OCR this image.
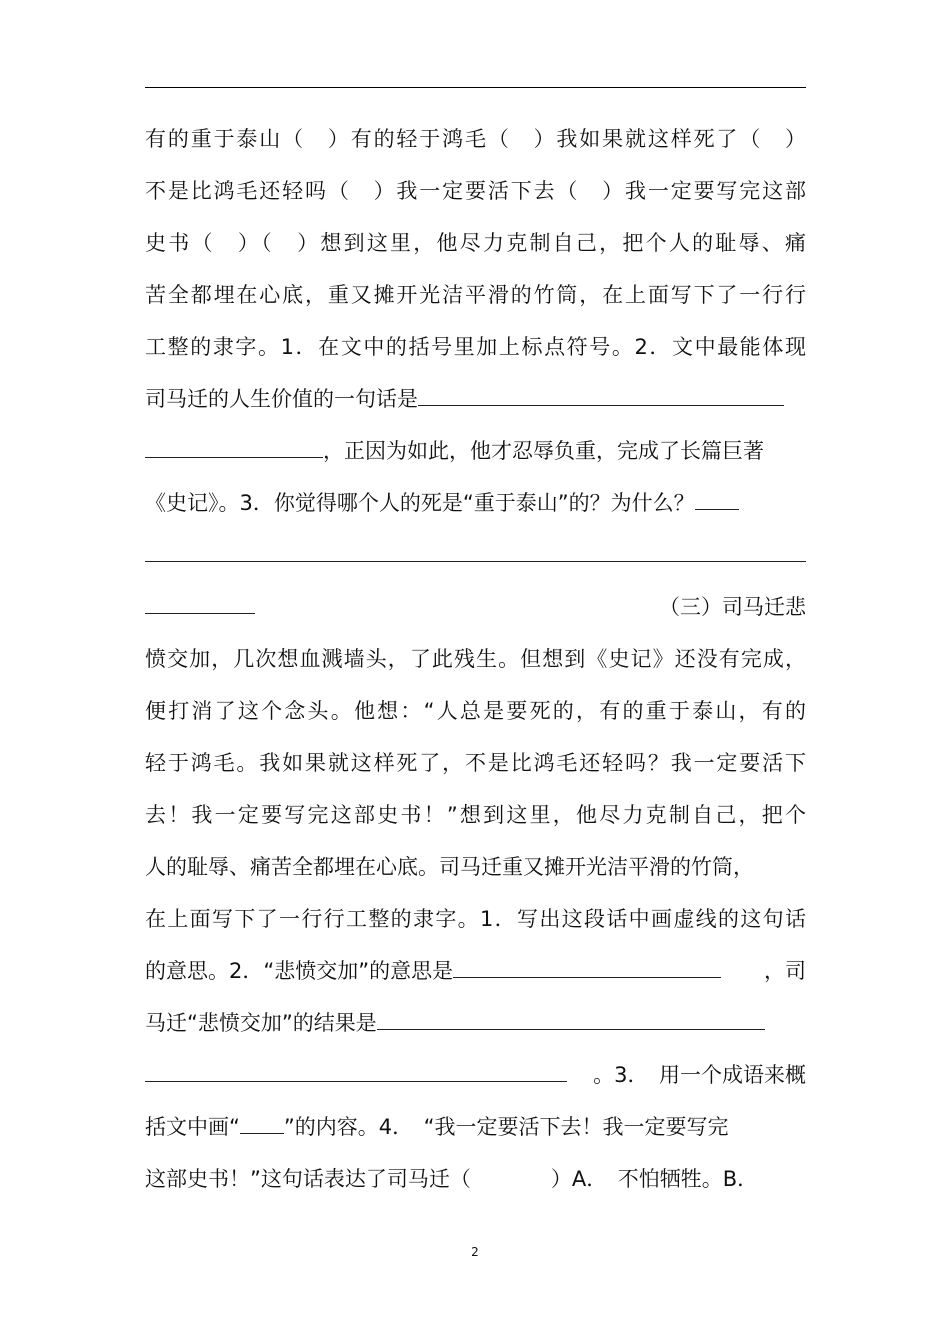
有的重于泰山（　）有的轻于鸿毛（　）我如果就这样死了（　）
不是比鸿毛还轻吗（　）我一定要活下去（　）我一定要写完这部
史书（　）（　）想到这里，他尽力克制自己，把个人的耻辱、痛
苦全都埋在心底，重又摊开光洁平滑的竹筒，在上面写下了一行行
工整的隶字。1．在文中的括号里加上标点符号。2．文中最能体现
司马迁的人生价值的一句话是
，正因为如此，他才忍辱负重，完成了长篇巨著
《史记》。3．你觉得哪个人的死是“重于泰山”的？为什么？
（三）司马迁悲
愤交加，几次想血溅墙头，了此残生。但想到《史记》还没有完成，
便打消了这个念头。他想：“人总是要死的，有的重于泰山，有的
轻于鸿毛。我如果就这样死了，不是比鸿毛还轻吗？我一定要活下
去！我一定要写完这部史书！”想到这里，他尽力克制自己，把个
人的耻辱、痛苦全都埋在心底。司马迁重又摊开光洁平滑的竹筒，
在上面写下了一行行工整的隶字。1．写出这段话中画虚线的这句话
的意思。2．“悲愤交加”的意思是	，司
马迁“悲愤交加”的结果是
。3．　用一个成语来概
括文中画“ ”的内容。4．　“我一定要活下去！我一定要写完
这部史书！”这句话表达了司马迁（	）A．　不怕牺牲。B．
2
